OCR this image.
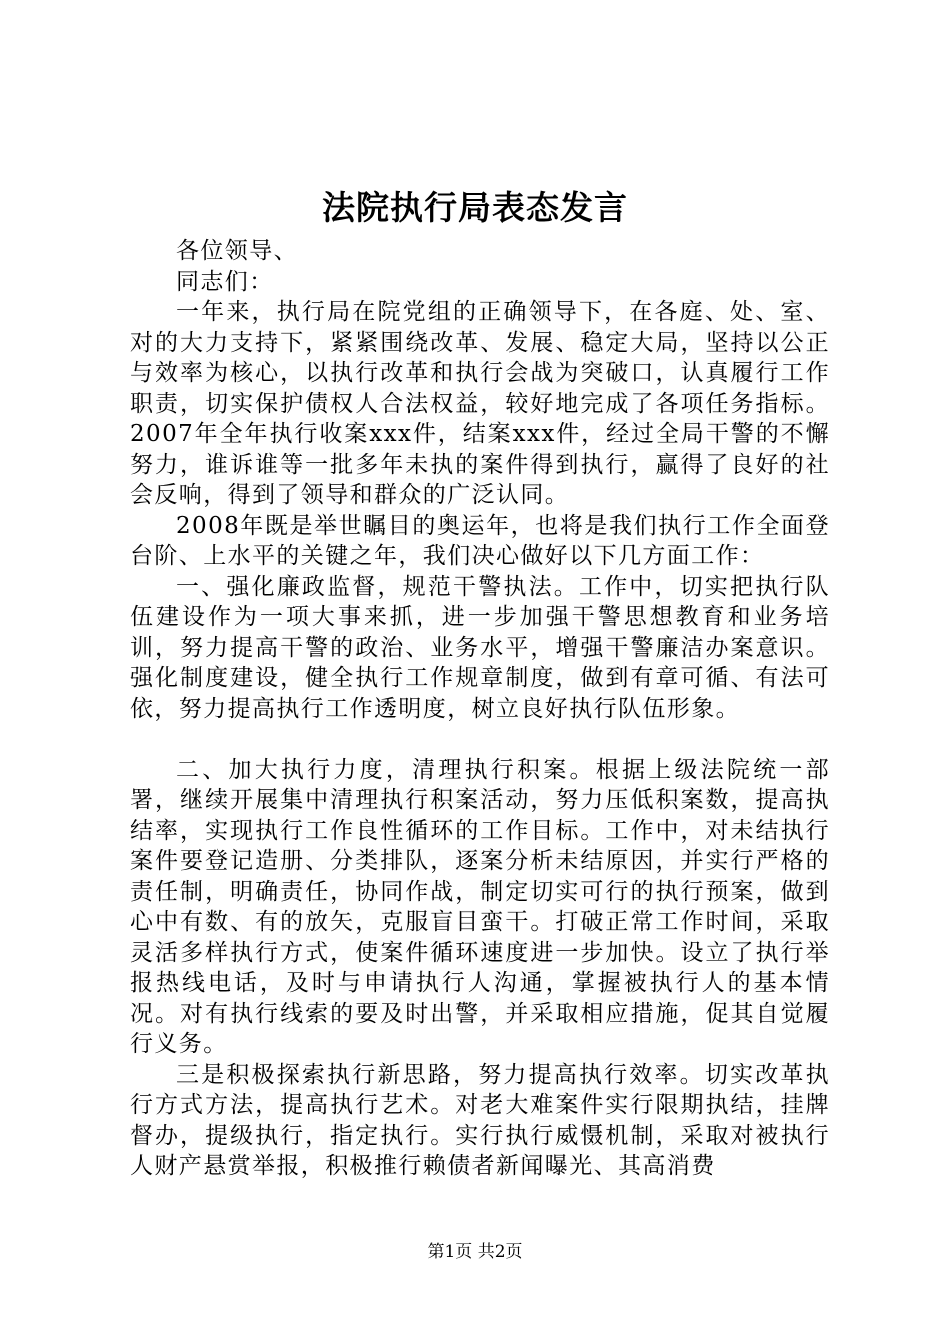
法院执行局表态发言

各位领导、

同志们：

一年来，执行局在院党组的正确领导下，在各庭、处、室、对的大力支持下，紧紧围绕改革、发展、稳定大局，坚持以公正与效率为核心，以执行改革和执行会战为突破口，认真履行工作职责，切实保护债权人合法权益，较好地完成了各项任务指标。2007年全年执行收案xxx件，结案xxx件，经过全局干警的不懈努力，谁诉谁等一批多年未执的案件得到执行，赢得了良好的社会反响，得到了领导和群众的广泛认同。

2008年既是举世瞩目的奥运年，也将是我们执行工作全面登台阶、上水平的关键之年，我们决心做好以下几方面工作：

一、强化廉政监督，规范干警执法。工作中，切实把执行队伍建设作为一项大事来抓，进一步加强干警思想教育和业务培训，努力提高干警的政治、业务水平，增强干警廉洁办案意识。强化制度建设，健全执行工作规章制度，做到有章可循、有法可依，努力提高执行工作透明度，树立良好执行队伍形象。

二、加大执行力度，清理执行积案。根据上级法院统一部署，继续开展集中清理执行积案活动，努力压低积案数，提高执结率，实现执行工作良性循环的工作目标。工作中，对未结执行案件要登记造册、分类排队，逐案分析未结原因，并实行严格的责任制，明确责任，协同作战，制定切实可行的执行预案，做到心中有数、有的放矢，克服盲目蛮干。打破正常工作时间，采取灵活多样执行方式，使案件循环速度进一步加快。设立了执行举报热线电话，及时与申请执行人沟通，掌握被执行人的基本情况。对有执行线索的要及时出警，并采取相应措施，促其自觉履行义务。

三是积极探索执行新思路，努力提高执行效率。切实改革执行方式方法，提高执行艺术。对老大难案件实行限期执结，挂牌督办，提级执行，指定执行。实行执行威慑机制，采取对被执行人财产悬赏举报，积极推行赖债者新闻曝光、其高消费

第1页 共2页
